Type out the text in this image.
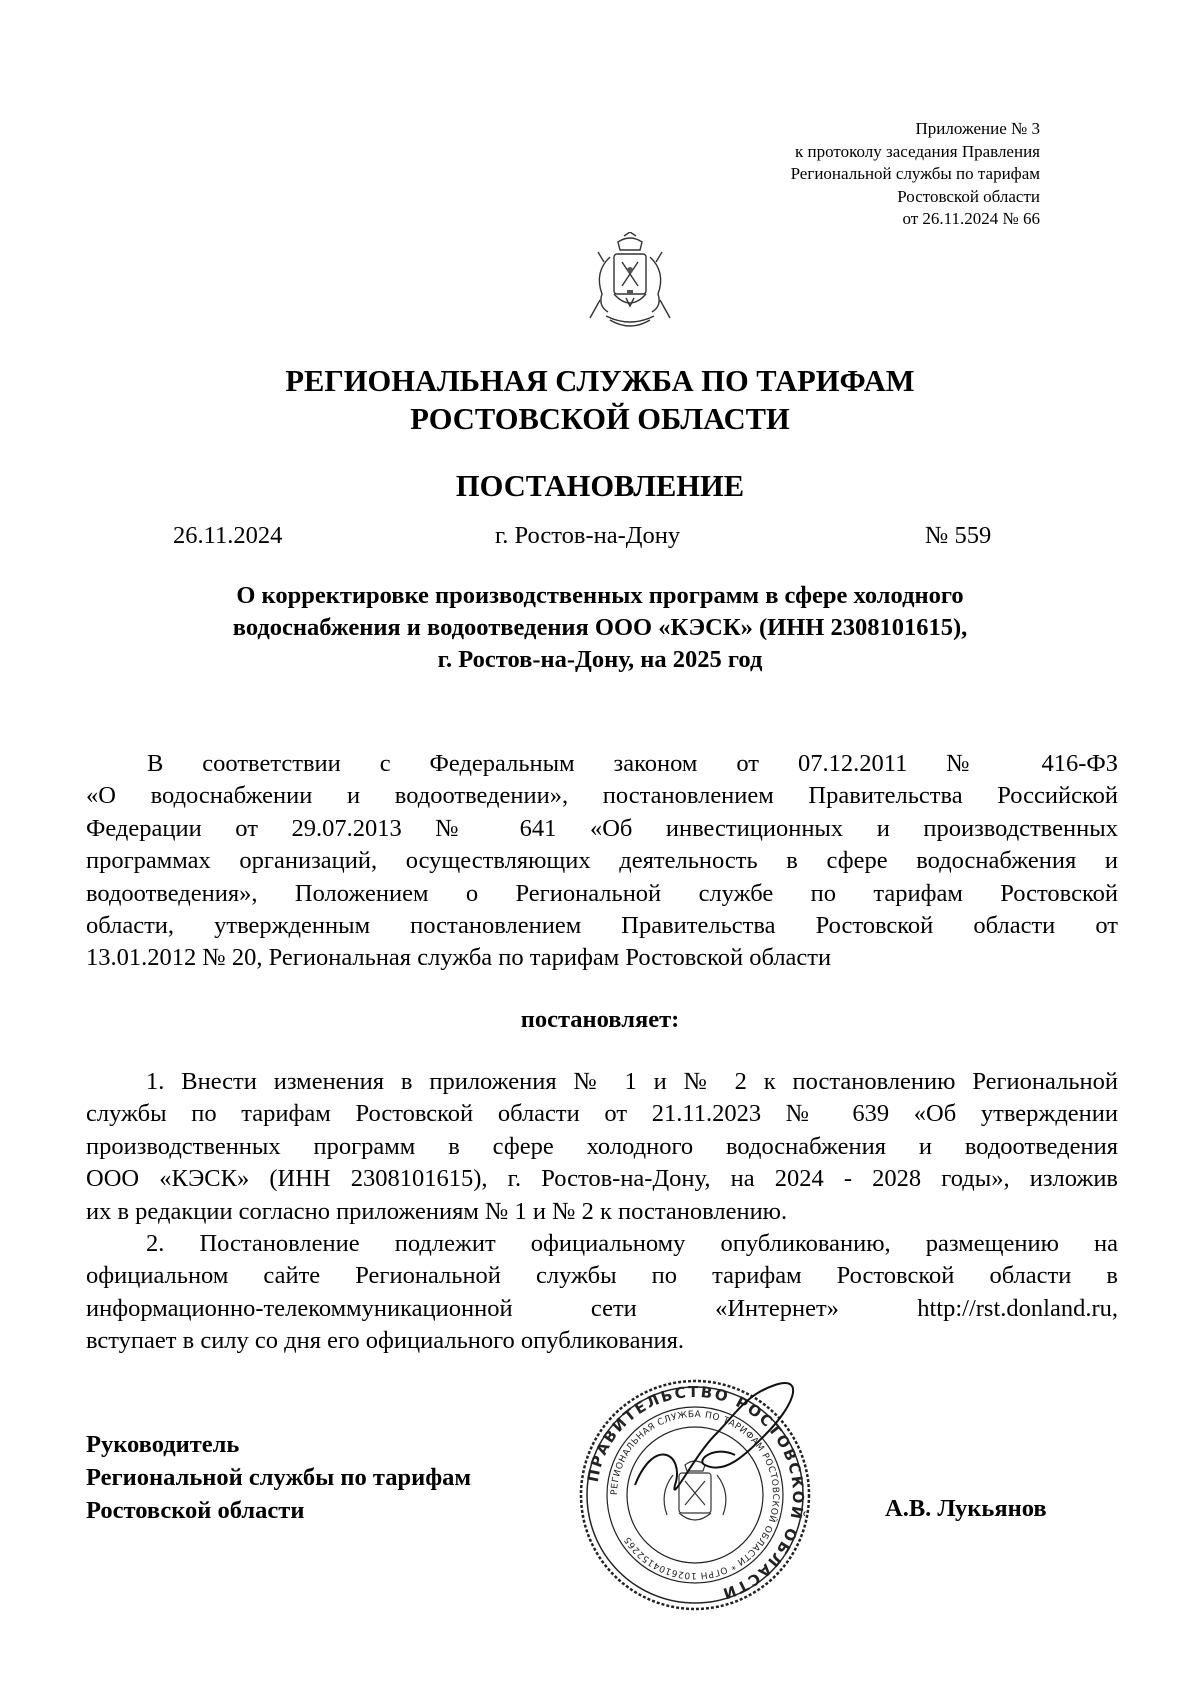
Приложение № 3
к протоколу заседания Правления
Региональной службы по тарифам
Ростовской области
от 26.11.2024 № 66
РЕГИОНАЛЬНАЯ СЛУЖБА ПО ТАРИФАМ
РОСТОВСКОЙ ОБЛАСТИ
ПОСТАНОВЛЕНИЕ
26.11.2024	г. Ростов-на-Дону	№ 559
О корректировке производственных программ в сфере холодного
водоснабжения и водоотведения ООО «КЭСК» (ИНН 2308101615),
г. Ростов-на-Дону, на 2025 год
В соответствии с Федеральным законом от 07.12.2011 № 416-ФЗ
«О водоснабжении и водоотведении», постановлением Правительства Российской
Федерации от 29.07.2013 № 641 «Об инвестиционных и производственных
программах организаций, осуществляющих деятельность в сфере водоснабжения и
водоотведения», Положением о Региональной службе по тарифам Ростовской
области, утвержденным постановлением Правительства Ростовской области от
13.01.2012 № 20, Региональная служба по тарифам Ростовской области
постановляет:
1. Внести изменения в приложения № 1 и № 2 к постановлению Региональной
службы по тарифам Ростовской области от 21.11.2023 № 639 «Об утверждении
производственных программ в сфере холодного водоснабжения и водоотведения
ООО «КЭСК» (ИНН 2308101615), г. Ростов-на-Дону, на 2024 - 2028 годы», изложив
их в редакции согласно приложениям № 1 и № 2 к постановлению.
2. Постановление подлежит официальному опубликованию, размещению на
официальном сайте Региональной службы по тарифам Ростовской области в
информационно-телекоммуникационной сети «Интернет» http://rst.donland.ru,
вступает в силу со дня его официального опубликования.
Руководитель
Региональной службы по тарифам
Ростовской области
ПРАВИТЕЛЬСТВО РОСТОВСКОЙ ОБЛАСТИ
РЕГИОНАЛЬНАЯ СЛУЖБА ПО ТАРИФАМ РОСТОВСКОЙ ОБЛАСТИ * ОГРН 1026104152265
А.В. Лукьянов
